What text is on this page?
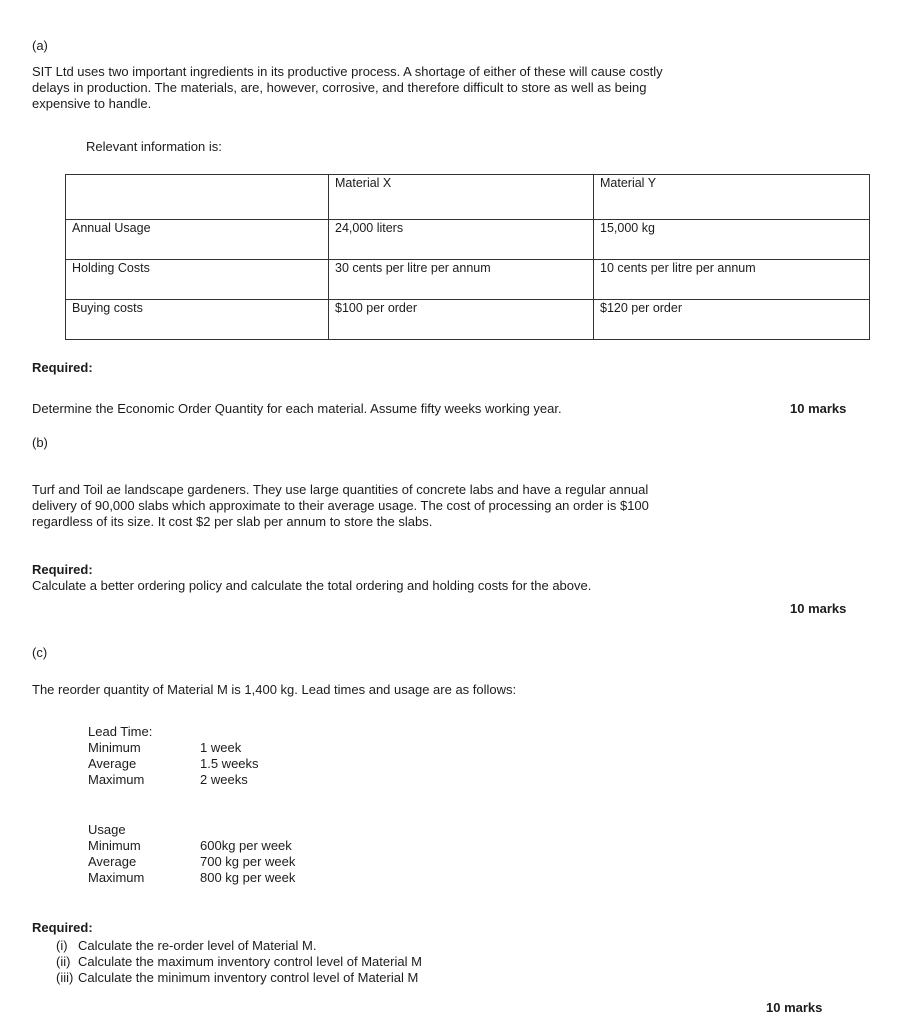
(a)
SIT Ltd uses two important ingredients in its productive process. A shortage of either of these will cause costly
delays in production. The materials, are, however, corrosive, and therefore difficult to store as well as being
expensive to handle.
Relevant information is:
	Material X	Material Y
Annual Usage	24,000 liters	15,000 kg
Holding Costs	30 cents per litre per annum	10 cents per litre per annum
Buying costs	$100 per order	$120 per order
Required:
Determine the Economic Order Quantity for each material. Assume fifty weeks working year.	10 marks
(b)
Turf and Toil ae landscape gardeners. They use large quantities of concrete labs and have a regular annual
delivery of 90,000 slabs which approximate to their average usage. The cost of processing an order is $100
regardless of its size. It cost $2 per slab per annum to store the slabs.
Required:
Calculate a better ordering policy and calculate the total ordering and holding costs for the above.
10 marks
(c)
The reorder quantity of Material M is 1,400 kg. Lead times and usage are as follows:
Lead Time:
Minimum	1 week
Average	1.5 weeks
Maximum	2 weeks
Usage
Minimum	600kg per week
Average	700 kg per week
Maximum	800 kg per week
Required:
(i) Calculate the re-order level of Material M.
(ii) Calculate the maximum inventory control level of Material M
(iii) Calculate the minimum inventory control level of Material M
10 marks
